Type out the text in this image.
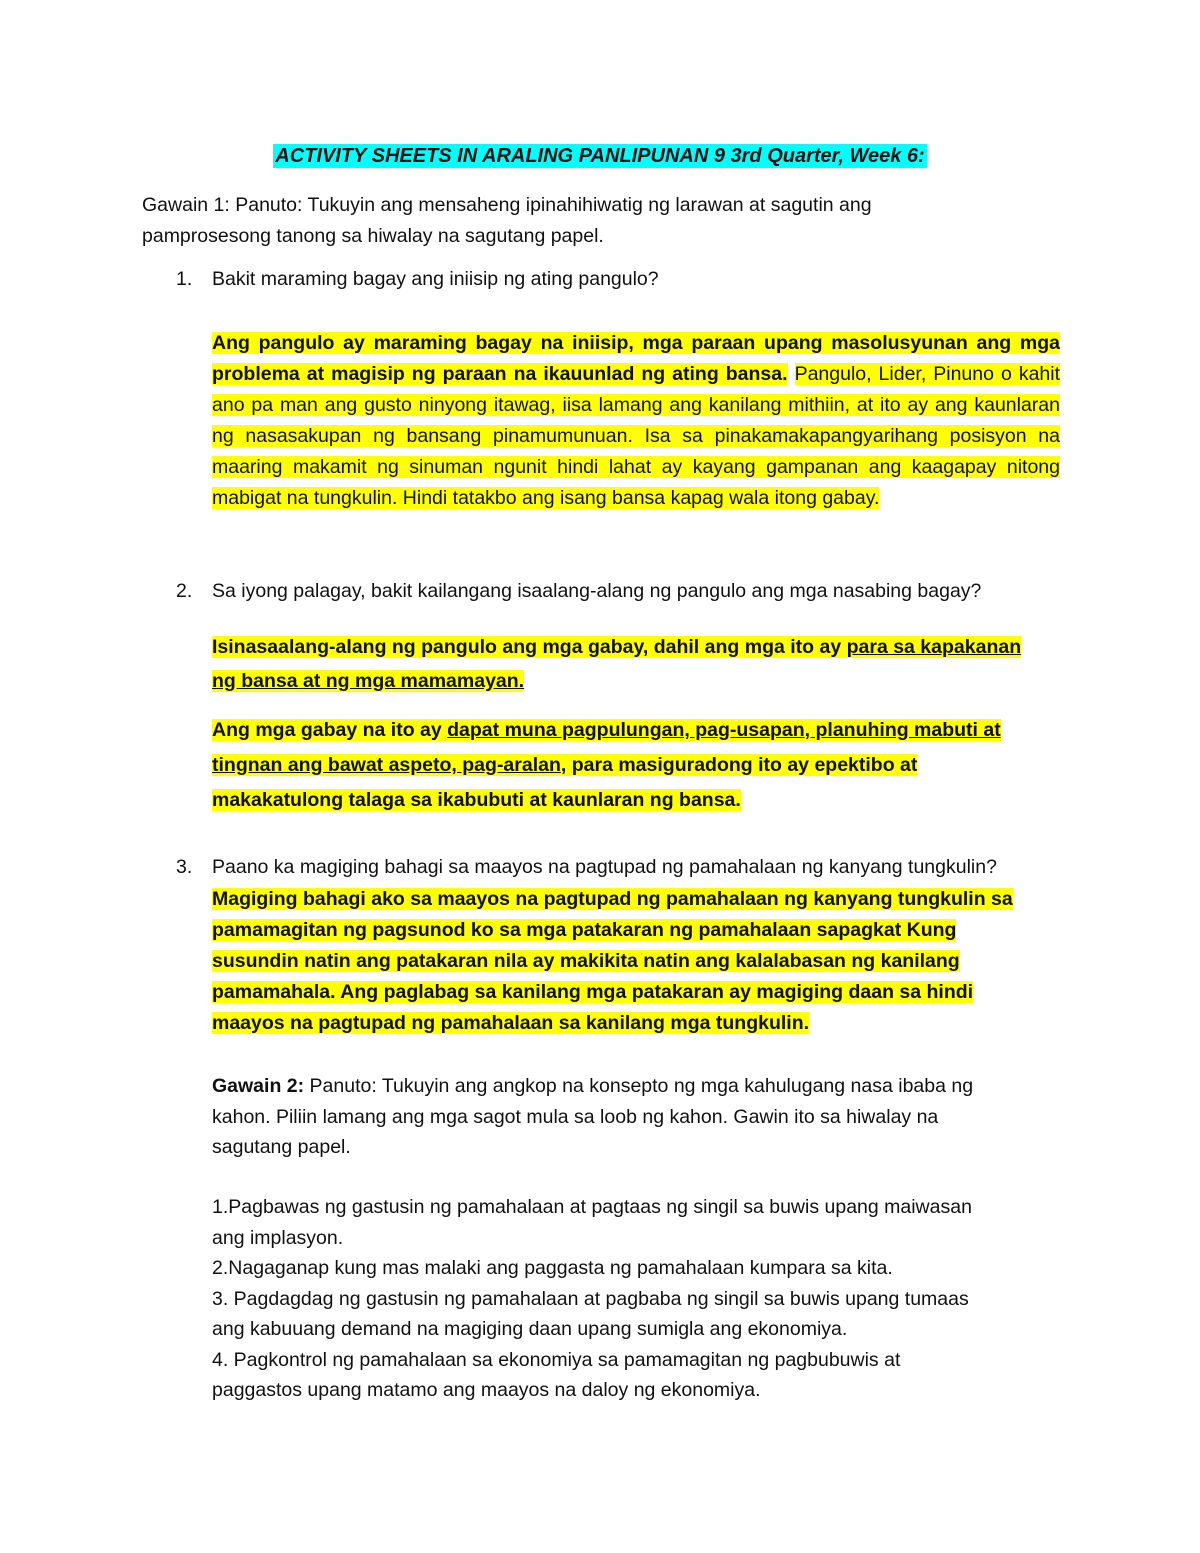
ACTIVITY SHEETS IN ARALING PANLIPUNAN 9 3rd Quarter, Week 6:
Gawain 1: Panuto: Tukuyin ang mensaheng ipinahihiwatig ng larawan at sagutin ang
pamprosesong tanong sa hiwalay na sagutang papel.
1. Bakit maraming bagay ang iniisip ng ating pangulo?
Ang pangulo ay maraming bagay na iniisip, mga paraan upang masolusyunan ang mga problema at magisip ng paraan na ikauunlad ng ating bansa. Pangulo, Lider, Pinuno o kahit ano pa man ang gusto ninyong itawag, iisa lamang ang kanilang mithiin, at ito ay ang kaunlaran ng nasasakupan ng bansang pinamumunuan. Isa sa pinakamakapangyarihang posisyon na maaring makamit ng sinuman ngunit hindi lahat ay kayang gampanan ang kaagapay nitong mabigat na tungkulin. Hindi tatakbo ang isang bansa kapag wala itong gabay.
2. Sa iyong palagay, bakit kailangang isaalang-alang ng pangulo ang mga nasabing bagay?
Isinasaalang-alang ng pangulo ang mga gabay, dahil ang mga ito ay para sa kapakanan
ng bansa at ng mga mamamayan.
Ang mga gabay na ito ay dapat muna pagpulungan, pag-usapan, planuhing mabuti at
tingnan ang bawat aspeto, pag-aralan, para masiguradong ito ay epektibo at
makakatulong talaga sa ikabubuti at kaunlaran ng bansa.
3. Paano ka magiging bahagi sa maayos na pagtupad ng pamahalaan ng kanyang tungkulin?
Magiging bahagi ako sa maayos na pagtupad ng pamahalaan ng kanyang tungkulin sa
pamamagitan ng pagsunod ko sa mga patakaran ng pamahalaan sapagkat Kung
susundin natin ang patakaran nila ay makikita natin ang kalalabasan ng kanilang
pamamahala. Ang paglabag sa kanilang mga patakaran ay magiging daan sa hindi
maayos na pagtupad ng pamahalaan sa kanilang mga tungkulin.
Gawain 2: Panuto: Tukuyin ang angkop na konsepto ng mga kahulugang nasa ibaba ng
kahon. Piliin lamang ang mga sagot mula sa loob ng kahon. Gawin ito sa hiwalay na
sagutang papel.
1.Pagbawas ng gastusin ng pamahalaan at pagtaas ng singil sa buwis upang maiwasan
ang implasyon.
2.Nagaganap kung mas malaki ang paggasta ng pamahalaan kumpara sa kita.
3. Pagdagdag ng gastusin ng pamahalaan at pagbaba ng singil sa buwis upang tumaas
ang kabuuang demand na magiging daan upang sumigla ang ekonomiya.
4. Pagkontrol ng pamahalaan sa ekonomiya sa pamamagitan ng pagbubuwis at
paggastos upang matamo ang maayos na daloy ng ekonomiya.
